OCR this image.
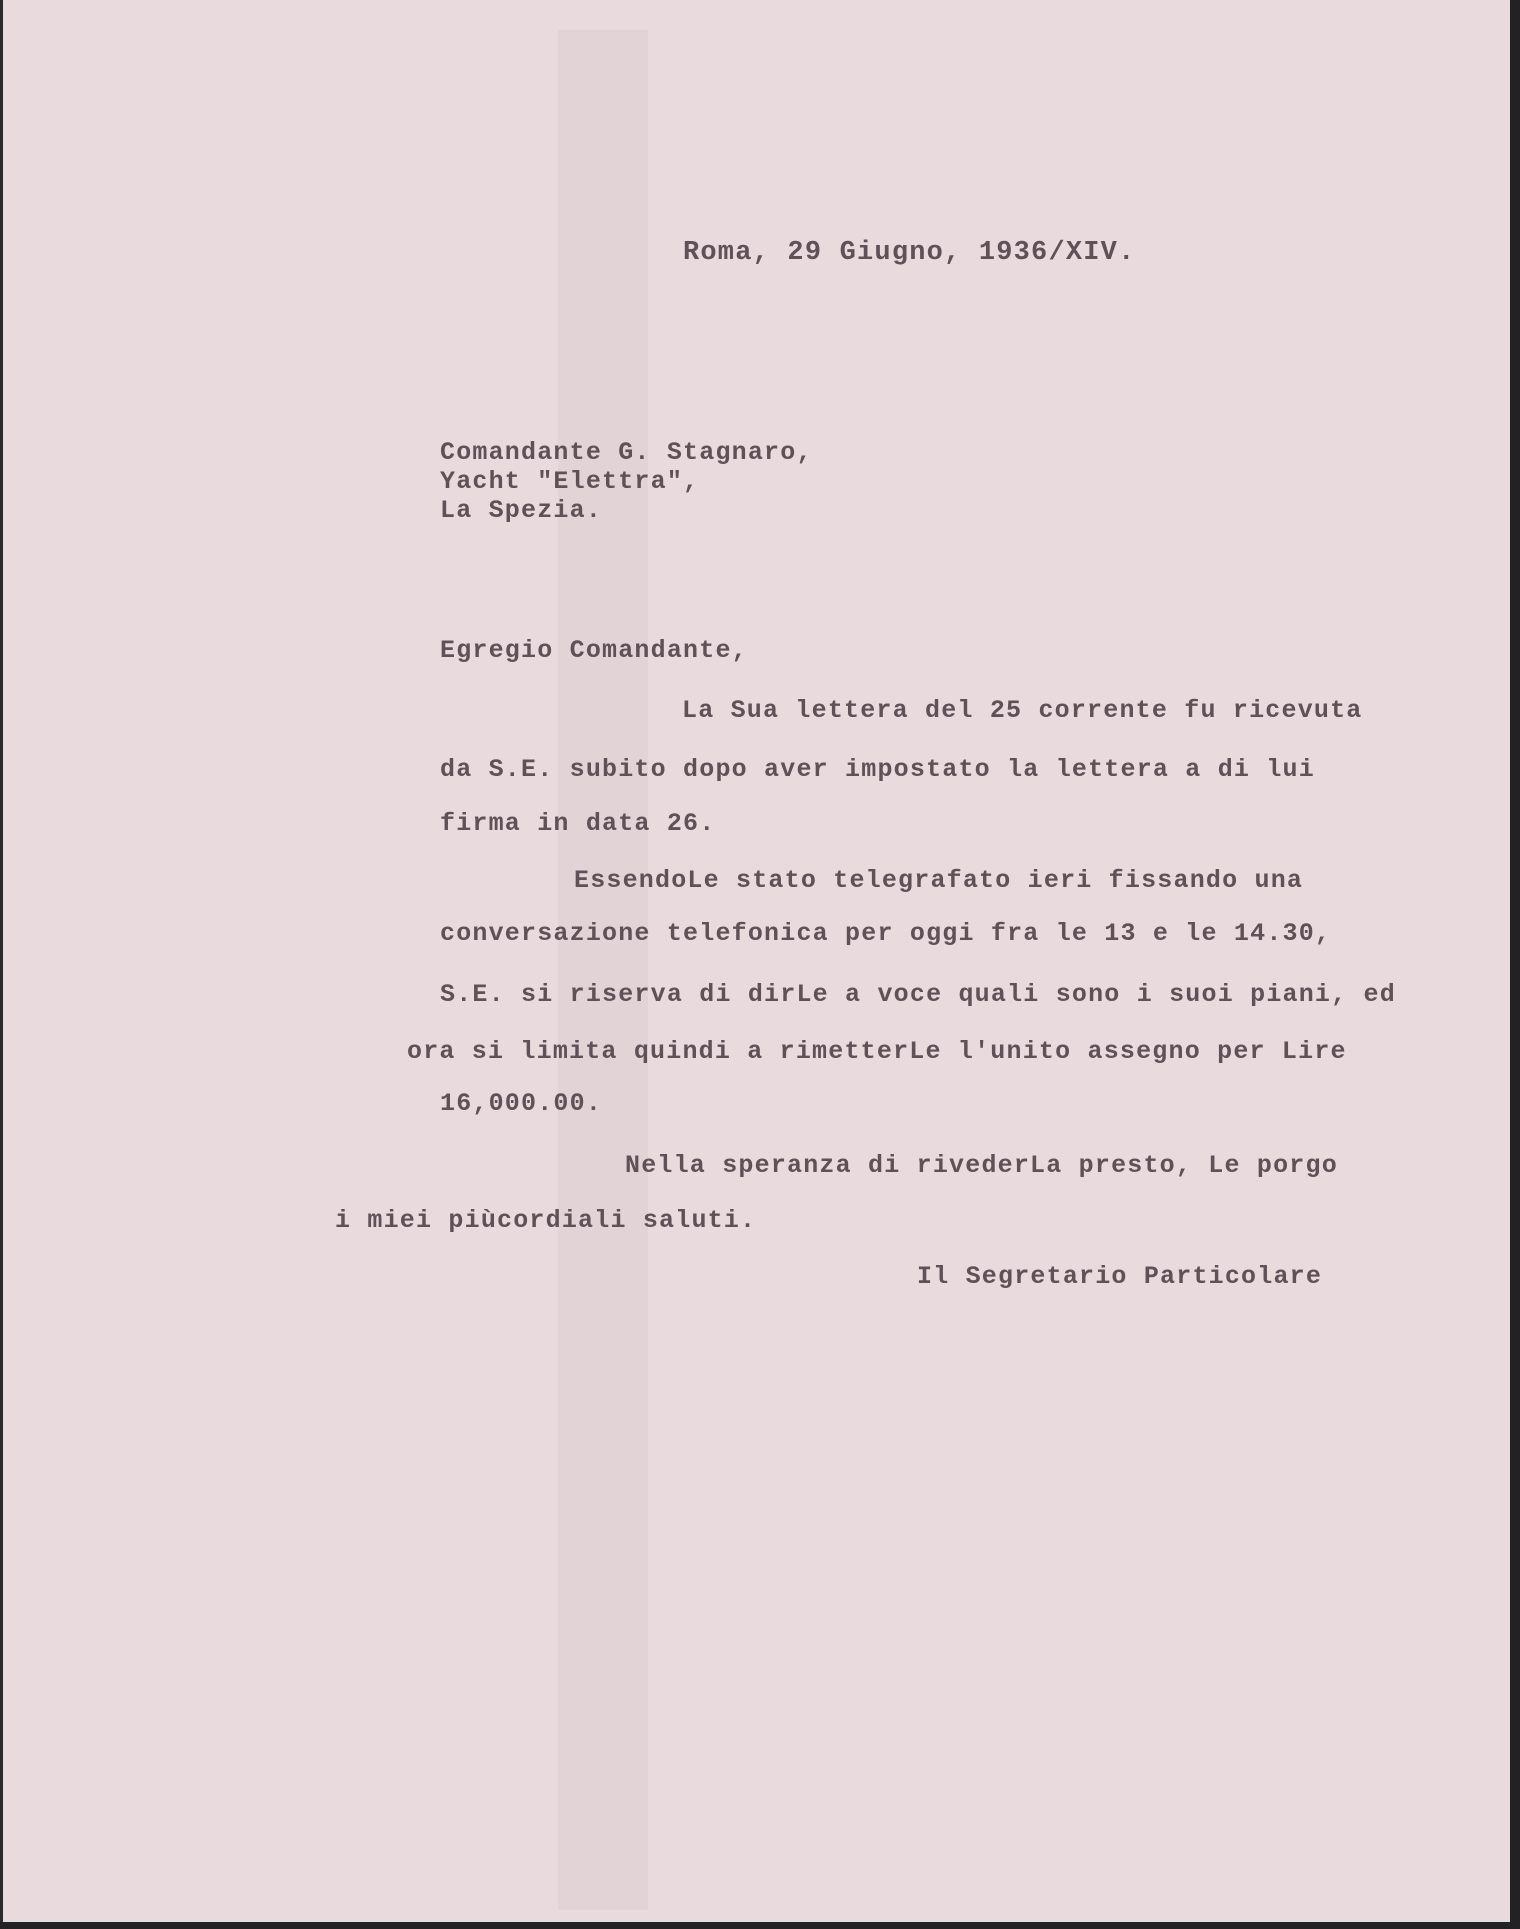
Roma, 29 Giugno, 1936/XIV.

Comandante G. Stagnaro,

Yacht "Elettra",

La Spezia.

Egregio Comandante,

La Sua lettera del 25 corrente fu ricevuta

da S.E. subito dopo aver impostato la lettera a di lui

firma in data 26.

EssendoLe stato telegrafato ieri fissando una

conversazione telefonica per oggi fra le 13 e le 14.30,

S.E. si riserva di dirLe a voce quali sono i suoi piani, ed

ora si limita quindi a rimetterLe l'unito assegno per Lire

16,000.00.

Nella speranza di rivederLa presto, Le porgo

i miei piùcordiali saluti.

Il Segretario Particolare
